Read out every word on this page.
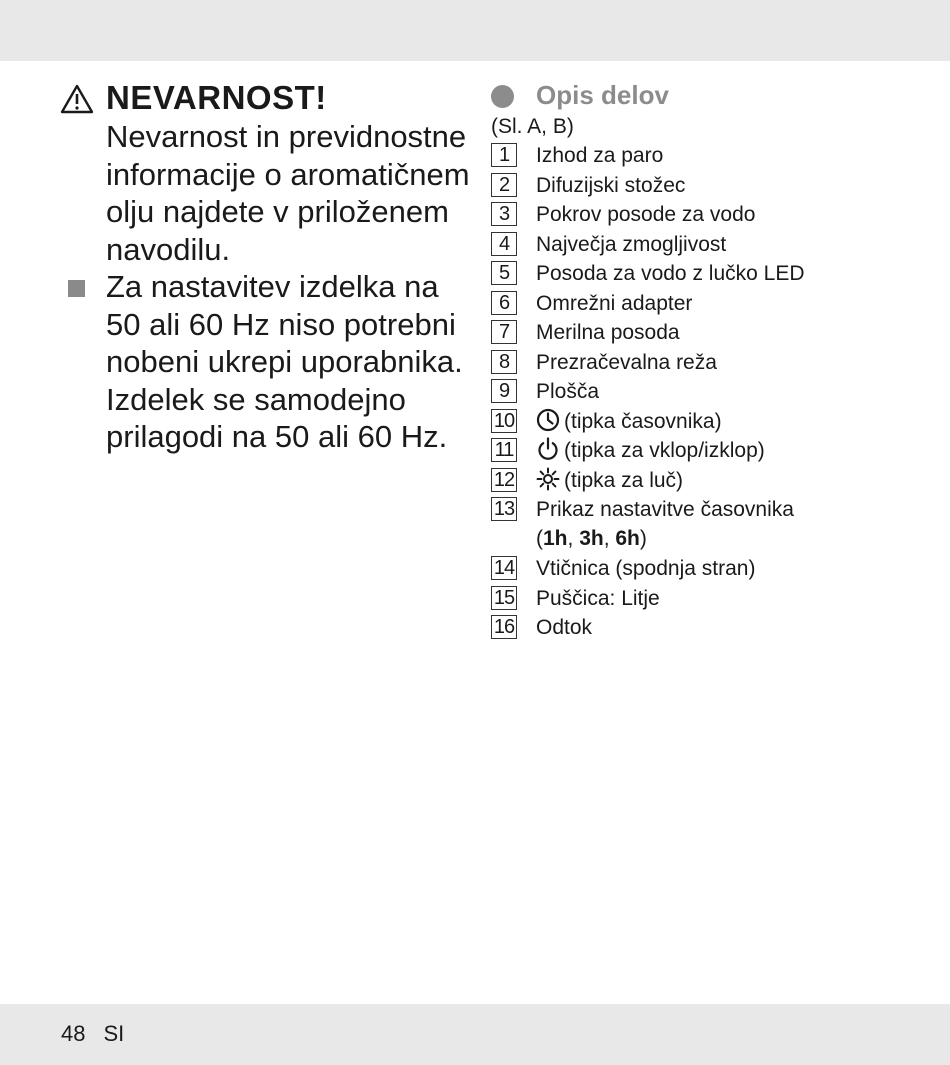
NEVARNOST!
Nevarnost in previdnostne
informacije o aromatičnem
olju najdete v priloženem
navodilu.
Za nastavitev izdelka na
50 ali 60 Hz niso potrebni
nobeni ukrepi uporabnika.
Izdelek se samodejno
prilagodi na 50 ali 60 Hz.
Opis delov
(Sl. A, B)
1	Izhod za paro
2	Difuzijski stožec
3	Pokrov posode za vodo
4	Največja zmogljivost
5	Posoda za vodo z lučko LED
6	Omrežni adapter
7	Merilna posoda
8	Prezračevalna reža
9	Plošča
10	(tipka časovnika)
11	(tipka za vklop/izklop)
12	(tipka za luč)
13 Prikaz nastavitve časovnika
(1h, 3h, 6h)
14 Vtičnica (spodnja stran)
15 Puščica: Litje
16 Odtok
48 SI
